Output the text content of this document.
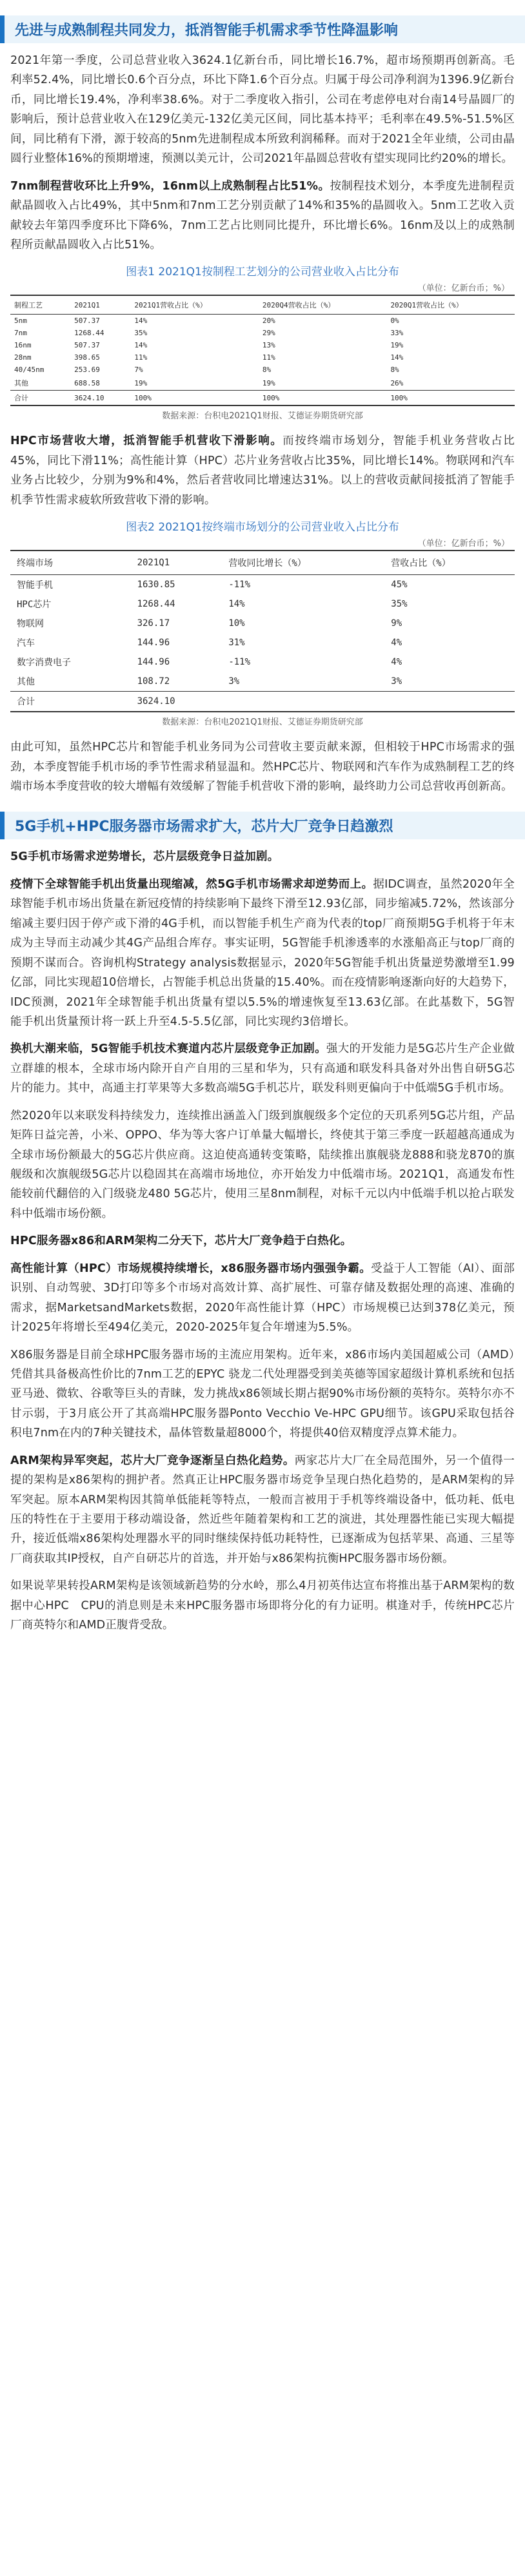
先进与成熟制程共同发力，抵消智能手机需求季节性降温影响

2021年第一季度，公司总营业收入3624.1亿新台币，同比增长16.7%，超市场预期再创新高。毛利率52.4%，同比增长0.6个百分点，环比下降1.6个百分点。归属于母公司净利润为1396.9亿新台币，同比增长19.4%，净利率38.6%。对于二季度收入指引，公司在考虑停电对台南14号晶圆厂的影响后，预计总营业收入在129亿美元-132亿美元区间，同比基本持平；毛利率在49.5%-51.5%区间，同比稍有下滑，源于较高的5nm先进制程成本所致利润稀释。而对于2021全年业绩，公司由晶圆行业整体16%的预期增速，预测以美元计，公司2021年晶圆总营收有望实现同比约20%的增长。

7nm制程营收环比上升9%，16nm以上成熟制程占比51%。按制程技术划分，本季度先进制程贡献晶圆收入占比49%，其中5nm和7nm工艺分别贡献了14%和35%的晶圆收入。5nm工艺收入贡献较去年第四季度环比下降6%，7nm工艺占比则同比提升，环比增长6%。16nm及以上的成熟制程所贡献晶圆收入占比51%。

图表1 2021Q1按制程工艺划分的公司营业收入占比分布
（单位：亿新台币；%）
制程工艺	2021Q1	2021Q1营收占比（%）	2020Q4营收占比（%）	2020Q1营收占比（%）
5nm	507.37	14%	20%	0%
7nm	1268.44	35%	29%	33%
16nm	507.37	14%	13%	19%
28nm	398.65	11%	11%	14%
40/45nm	253.69	7%	8%	8%
其他	688.58	19%	19%	26%
合计	3624.10	100%	100%	100%
数据来源：台积电2021Q1财报、艾德证券期货研究部

HPC市场营收大增，抵消智能手机营收下滑影响。而按终端市场划分，智能手机业务营收占比45%，同比下滑11%；高性能计算（HPC）芯片业务营收占比35%，同比增长14%。物联网和汽车业务占比较少，分别为9%和4%，然后者营收同比增速达31%。以上的营收贡献间接抵消了智能手机季节性需求疲软所致营收下滑的影响。

图表2 2021Q1按终端市场划分的公司营业收入占比分布
（单位：亿新台币；%）
终端市场	2021Q1	营收同比增长（%）	营收占比（%）
智能手机	1630.85	-11%	45%
HPC芯片	1268.44	14%	35%
物联网	326.17	10%	9%
汽车	144.96	31%	4%
数字消费电子	144.96	-11%	4%
其他	108.72	3%	3%
合计	3624.10		
数据来源：台积电2021Q1财报、艾德证券期货研究部

由此可知，虽然HPC芯片和智能手机业务同为公司营收主要贡献来源，但相较于HPC市场需求的强劲，本季度智能手机市场的季节性需求稍显温和。然HPC芯片、物联网和汽车作为成熟制程工艺的终端市场本季度营收的较大增幅有效缓解了智能手机营收下滑的影响，最终助力公司总营收再创新高。

5G手机+HPC服务器市场需求扩大，芯片大厂竞争日趋激烈

5G手机市场需求逆势增长，芯片层级竞争日益加剧。

疫情下全球智能手机出货量出现缩减，然5G手机市场需求却逆势而上。据IDC调查，虽然2020年全球智能手机市场出货量在新冠疫情的持续影响下最终下滑至12.93亿部，同步缩减5.72%，然该部分缩减主要归因于停产或下滑的4G手机，而以智能手机生产商为代表的top厂商预期5G手机将于年末成为主导而主动减少其4G产品组合库存。事实证明，5G智能手机渗透率的水涨船高正与top厂商的预期不谋而合。咨询机构Strategy analysis数据显示，2020年5G智能手机出货量逆势激增至1.99亿部，同比实现超10倍增长，占智能手机总出货量的15.40%。而在疫情影响逐渐向好的大趋势下，IDC预测，2021年全球智能手机出货量有望以5.5%的增速恢复至13.63亿部。在此基数下，5G智能手机出货量预计将一跃上升至4.5-5.5亿部，同比实现约3倍增长。

换机大潮来临，5G智能手机技术赛道内芯片层级竞争正加剧。强大的开发能力是5G芯片生产企业做立群雄的根本，全球市场内除开自产自用的三星和华为，只有高通和联发科具备对外出售自研5G芯片的能力。其中，高通主打苹果等大多数高端5G手机芯片，联发科则更偏向于中低端5G手机市场。

然2020年以来联发科持续发力，连续推出涵盖入门级到旗舰级多个定位的天玑系列5G芯片组，产品矩阵日益完善，小米、OPPO、华为等大客户订单量大幅增长，终使其于第三季度一跃超越高通成为全球市场份额最大的5G芯片供应商。这迫使高通转变策略，陆续推出旗舰骁龙888和骁龙870的旗舰级和次旗舰级5G芯片以稳固其在高端市场地位，亦开始发力中低端市场。2021Q1，高通发布性能较前代翻倍的入门级骁龙480 5G芯片，使用三星8nm制程，对标千元以内中低端手机以抢占联发科中低端市场份额。

HPC服务器x86和ARM架构二分天下，芯片大厂竞争趋于白热化。

高性能计算（HPC）市场规模持续增长，x86服务器市场内强强争霸。受益于人工智能（AI）、面部识别、自动驾驶、3D打印等多个市场对高效计算、高扩展性、可靠存储及数据处理的高速、准确的需求，据MarketsandMarkets数据，2020年高性能计算（HPC）市场规模已达到378亿美元，预计2025年将增长至494亿美元，2020-2025年复合年增速为5.5%。

X86服务器是目前全球HPC服务器市场的主流应用架构。近年来，x86市场内美国超威公司（AMD）凭借其具备极高性价比的7nm工艺的EPYC 骁龙二代处理器受到美英德等国家超级计算机系统和包括亚马逊、微软、谷歌等巨头的青睐，发力挑战x86领域长期占据90%市场份额的英特尔。英特尔亦不甘示弱，于3月底公开了其高端HPC服务器Ponto Vecchio Ve-HPC GPU细节。该GPU采取包括谷积电7nm在内的7种关键技术，晶体管数量超8000个，将提供40倍双精度浮点算术能力。

ARM架构异军突起，芯片大厂竞争逐渐呈白热化趋势。两家芯片大厂在全局范围外，另一个值得一提的架构是x86架构的拥护者。然真正让HPC服务器市场竞争呈现白热化趋势的，是ARM架构的异军突起。原本ARM架构因其简单低能耗等特点，一般而言被用于手机等终端设备中，低功耗、低电压的特性在于主要用于移动端设备，然近些年随着架构和工艺的演进，其处理器性能已实现大幅提升，接近低端x86架构处理器水平的同时继续保持低功耗特性，已逐渐成为包括苹果、高通、三星等厂商获取其IP授权，自产自研芯片的首选，并开始与x86架构抗衡HPC服务器市场份额。

如果说苹果转投ARM架构是该领域新趋势的分水岭，那么4月初英伟达宣布将推出基于ARM架构的数据中心HPC　CPU的消息则是未来HPC服务器市场即将分化的有力证明。棋逢对手，传统HPC芯片厂商英特尔和AMD正腹背受敌。
